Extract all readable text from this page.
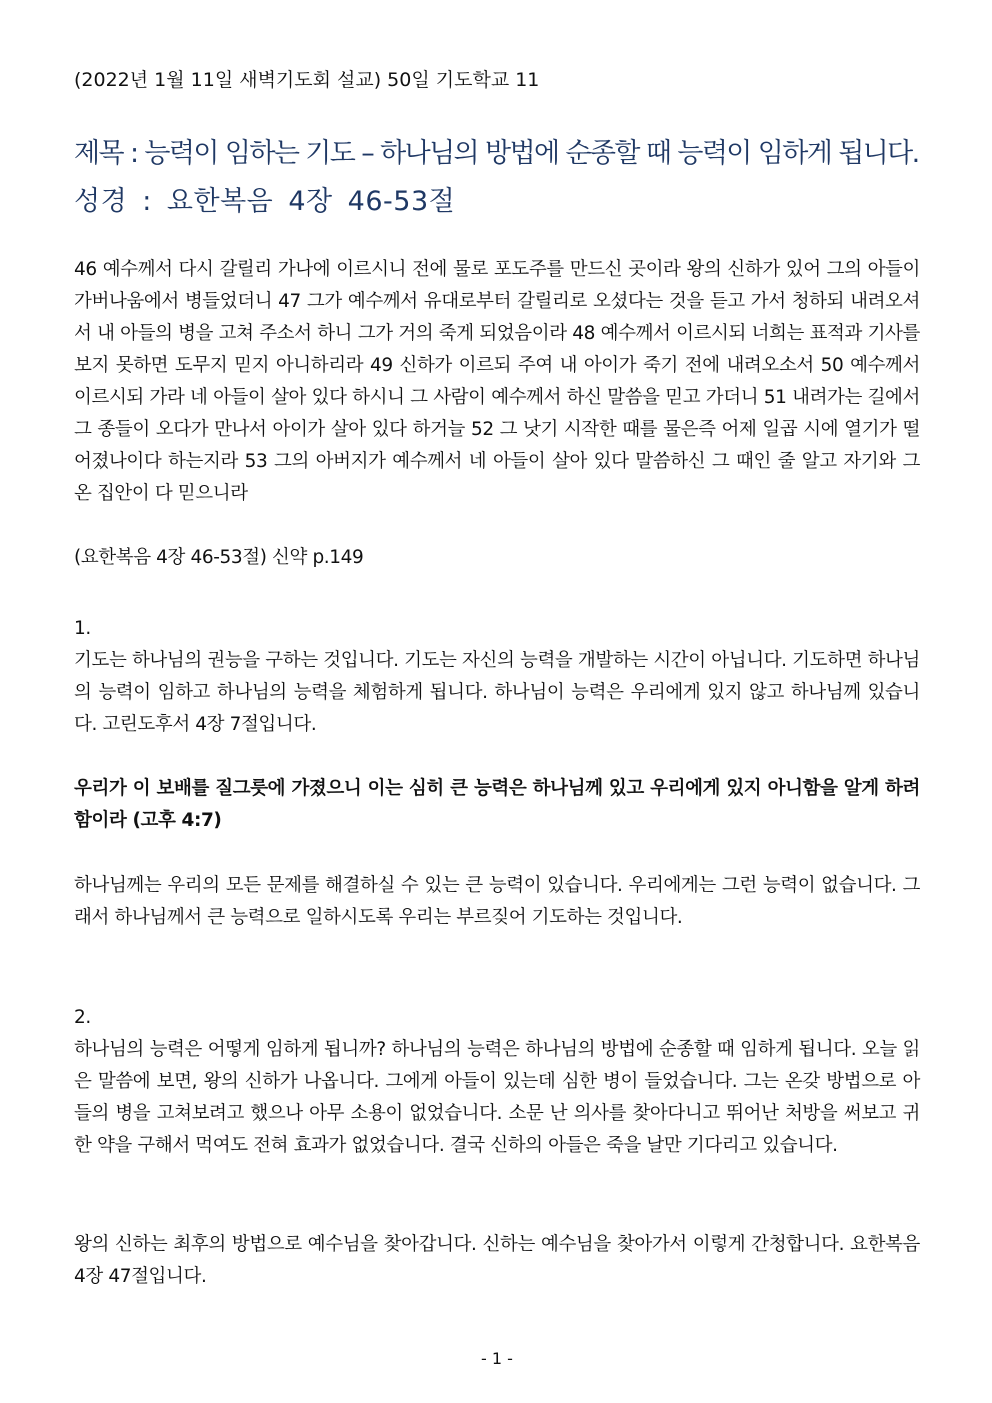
(2022년 1월 11일 새벽기도회 설교) 50일 기도학교 11
제목 : 능력이 임하는 기도 – 하나님의 방법에 순종할 때 능력이 임하게 됩니다.
성경 : 요한복음 4장 46-53절

46 예수께서 다시 갈릴리 가나에 이르시니 전에 물로 포도주를 만드신 곳이라 왕의 신하가 있어 그의 아들이 가버나움에서 병들었더니 47 그가 예수께서 유대로부터 갈릴리로 오셨다는 것을 듣고 가서 청하되 내려오셔서 내 아들의 병을 고쳐 주소서 하니 그가 거의 죽게 되었음이라 48 예수께서 이르시되 너희는 표적과 기사를 보지 못하면 도무지 믿지 아니하리라 49 신하가 이르되 주여 내 아이가 죽기 전에 내려오소서 50 예수께서 이르시되 가라 네 아들이 살아 있다 하시니 그 사람이 예수께서 하신 말씀을 믿고 가더니 51 내려가는 길에서 그 종들이 오다가 만나서 아이가 살아 있다 하거늘 52 그 낫기 시작한 때를 물은즉 어제 일곱 시에 열기가 떨어졌나이다 하는지라 53 그의 아버지가 예수께서 네 아들이 살아 있다 말씀하신 그 때인 줄 알고 자기와 그 온 집안이 다 믿으니라

(요한복음 4장 46-53절) 신약 p.149

1.

기도는 하나님의 권능을 구하는 것입니다. 기도는 자신의 능력을 개발하는 시간이 아닙니다. 기도하면 하나님의 능력이 임하고 하나님의 능력을 체험하게 됩니다. 하나님이 능력은 우리에게 있지 않고 하나님께 있습니다. 고린도후서 4장 7절입니다.

우리가 이 보배를 질그릇에 가졌으니 이는 심히 큰 능력은 하나님께 있고 우리에게 있지 아니함을 알게 하려 함이라 (고후 4:7)

하나님께는 우리의 모든 문제를 해결하실 수 있는 큰 능력이 있습니다. 우리에게는 그런 능력이 없습니다. 그래서 하나님께서 큰 능력으로 일하시도록 우리는 부르짖어 기도하는 것입니다.

2.

하나님의 능력은 어떻게 임하게 됩니까? 하나님의 능력은 하나님의 방법에 순종할 때 임하게 됩니다. 오늘 읽은 말씀에 보면, 왕의 신하가 나옵니다. 그에게 아들이 있는데 심한 병이 들었습니다. 그는 온갖 방법으로 아들의 병을 고쳐보려고 했으나 아무 소용이 없었습니다. 소문 난 의사를 찾아다니고 뛰어난 처방을 써보고 귀한 약을 구해서 먹여도 전혀 효과가 없었습니다. 결국 신하의 아들은 죽을 날만 기다리고 있습니다.

왕의 신하는 최후의 방법으로 예수님을 찾아갑니다. 신하는 예수님을 찾아가서 이렇게 간청합니다. 요한복음 4장 47절입니다.

- 1 -
